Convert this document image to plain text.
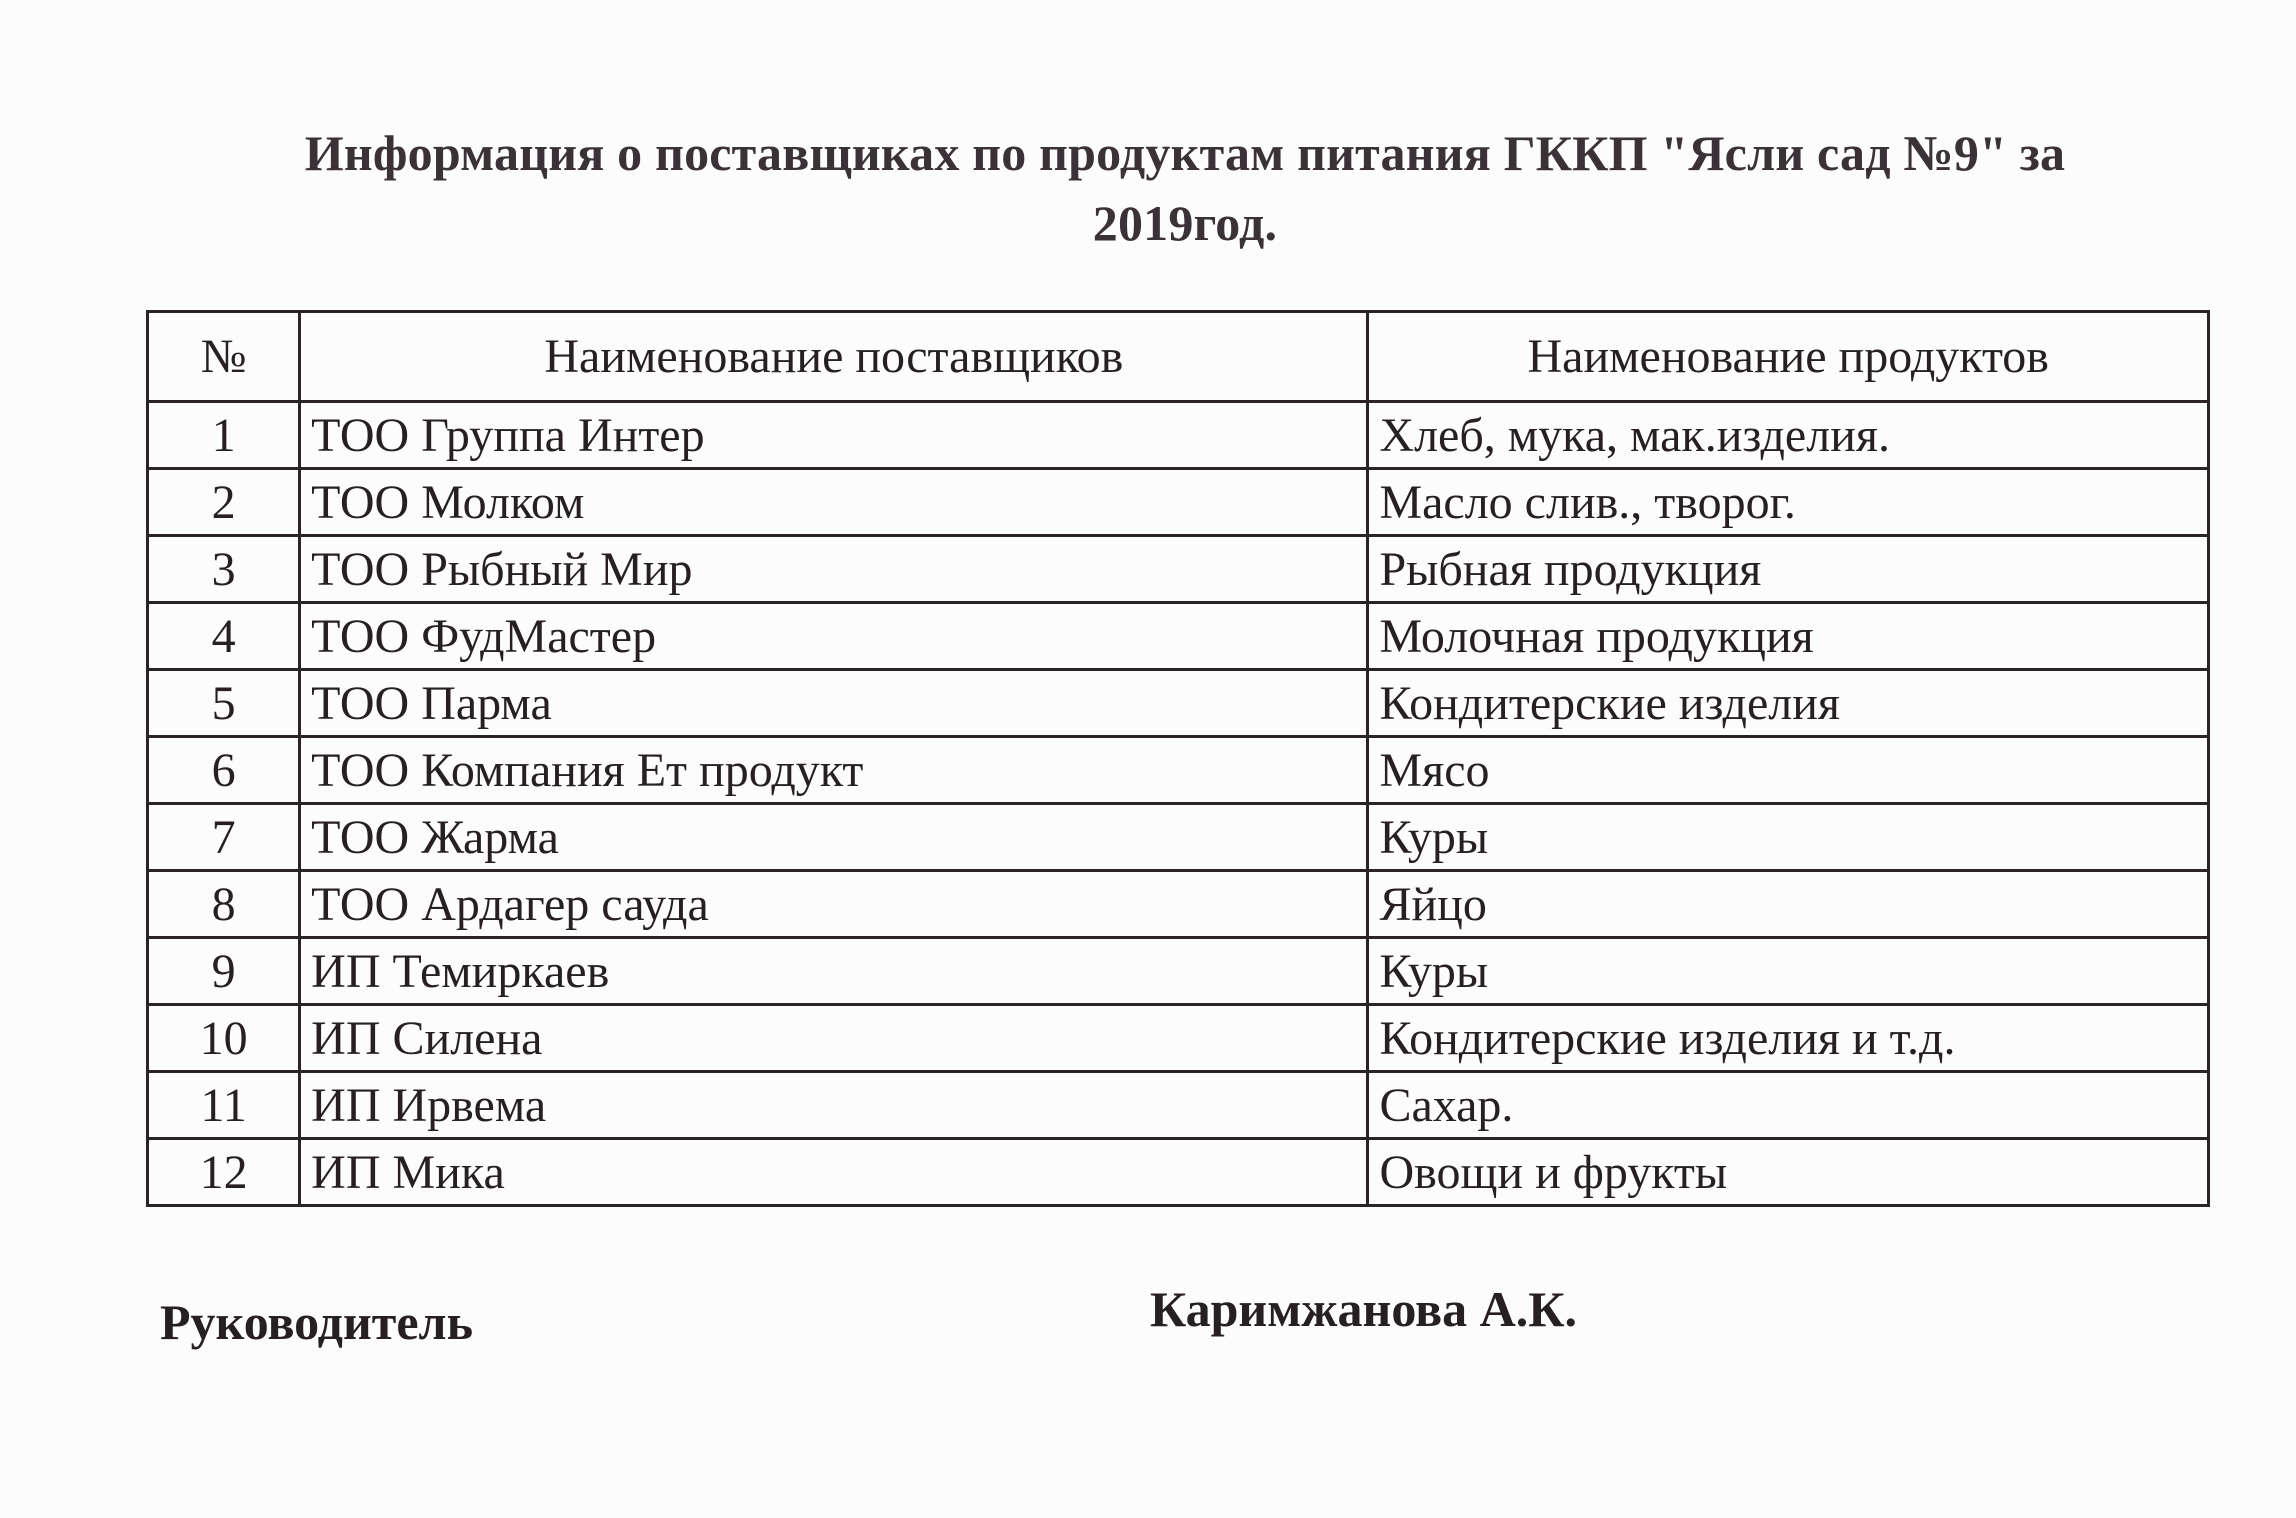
Информация о поставщиках по продуктам питания ГККП "Ясли сад №9" за
2019год.
№	Наименование поставщиков	Наименование продуктов
1	ТОО Группа Интер	Хлеб, мука, мак.изделия.
2	ТОО Молком	Масло слив., творог.
3	ТОО Рыбный Мир	Рыбная продукция
4	ТОО ФудМастер	Молочная продукция
5	ТОО Парма	Кондитерские изделия
6	ТОО Компания Ет продукт	Мясо
7	ТОО Жарма	Куры
8	ТОО Ардагер сауда	Яйцо
9	ИП Темиркаев	Куры
10	ИП Силена	Кондитерские изделия и т.д.
11	ИП Ирвема	Сахар.
12	ИП Мика	Овощи и фрукты
Руководитель	Каримжанова А.К.
